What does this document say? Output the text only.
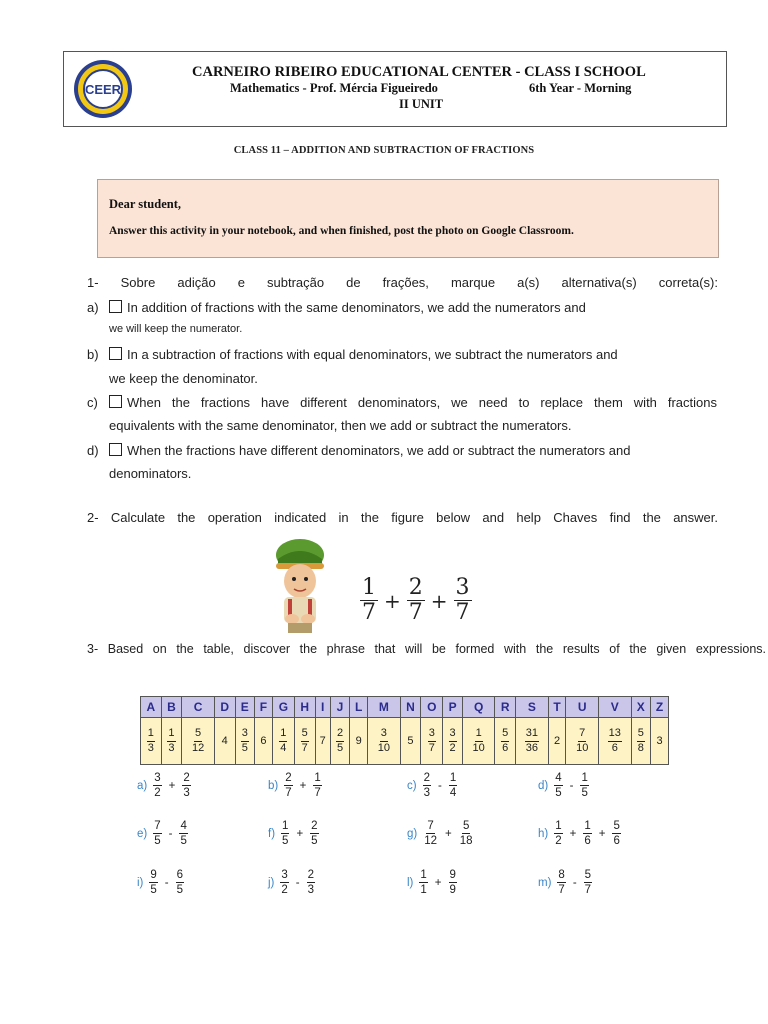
CEER
CARNEIRO RIBEIRO EDUCATIONAL CENTER - CLASS I SCHOOL
Mathematics - Prof. Mércia Figueiredo	6th Year - Morning
II UNIT
CLASS 11 – ADDITION AND SUBTRACTION OF FRACTIONS
Dear student,
Answer this activity in your notebook, and when finished, post the photo on Google Classroom.
1- Sobre adição e subtração de frações, marque a(s) alternativa(s) correta(s):
a)	In addition of fractions with the same denominators, we add the numerators and
we will keep the numerator.
b)	In a subtraction of fractions with equal denominators, we subtract the numerators and
we keep the denominator.
c)	When the fractions have different denominators, we need to replace them with fractions
equivalents with the same denominator, then we add or subtract the numerators.
d)	When the fractions have different denominators, we add or subtract the numerators and
denominators.
2- Calculate the operation indicated in the figure below and help Chaves find the answer.
$\frac{1}{7} + \frac{2}{7} + \frac{3}{7}$
3- Based on the table, discover the phrase that will be formed with the results of the given expressions.
A	B	C	D	E	F	G	H	I	J	L	M	N	O	P	Q	R	S	T	U	V	X	Z

$\frac{1}{3}$	$\frac{1}{3}$	$\frac{5}{12}$	4	$\frac{3}{5}$	6	$\frac{1}{4}$	$\frac{5}{7}$	7	$\frac{2}{5}$	9	$\frac{3}{10}$	5	$\frac{3}{7}$	$\frac{3}{2}$	$\frac{1}{10}$	$\frac{5}{6}$	$\frac{31}{36}$	2	$\frac{7}{10}$	$\frac{13}{6}$	$\frac{5}{8}$	3
$a) \frac{3}{2} + \frac{2}{3}$	$b) \frac{2}{7} + \frac{1}{7}$	$c) \frac{2}{3} - \frac{1}{4}$	$d) \frac{4}{5} - \frac{1}{5}$
$e) \frac{7}{5} - \frac{4}{5}$	$f) \frac{1}{5} + \frac{2}{5}$	$g) \frac{7}{12} + \frac{5}{18}$	$h) \frac{1}{2} + \frac{1}{6} + \frac{5}{6}$
$i) \frac{9}{5} - \frac{6}{5}$	$j) \frac{3}{2} - \frac{2}{3}$	$l) \frac{1}{1} + \frac{9}{9}$	$m) \frac{8}{7} - \frac{5}{7}$
